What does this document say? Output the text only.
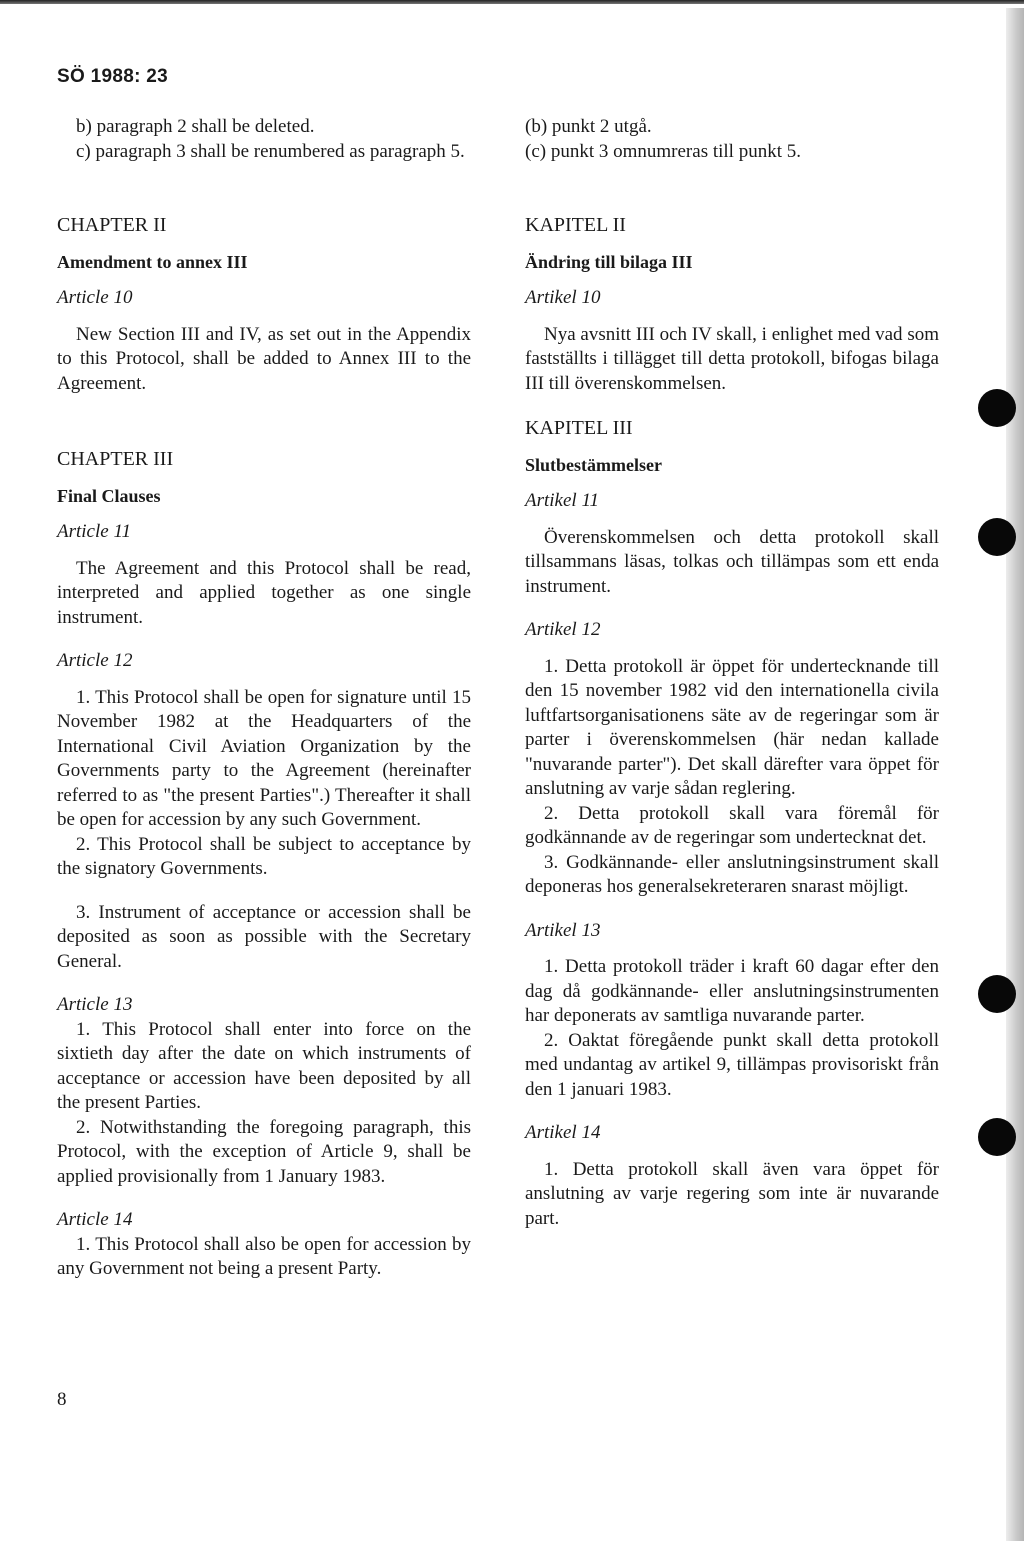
SÖ 1988: 23

b) paragraph 2 shall be deleted.

c) paragraph 3 shall be renumbered as paragraph 5.

CHAPTER II
Amendment to annex III

Article 10

New Section III and IV, as set out in the Appendix to this Protocol, shall be added to Annex III to the Agreement.

CHAPTER III
Final Clauses

Article 11

The Agreement and this Protocol shall be read, interpreted and applied together as one single instrument.

Article 12

1. This Protocol shall be open for signature until 15 November 1982 at the Headquarters of the International Civil Aviation Organization by the Governments party to the Agreement (hereinafter referred to as "the present Parties".) Thereafter it shall be open for accession by any such Government.

2. This Protocol shall be subject to acceptance by the signatory Governments.

3. Instrument of acceptance or accession shall be deposited as soon as possible with the Secretary General.

Article 13

1. This Protocol shall enter into force on the sixtieth day after the date on which instruments of acceptance or accession have been deposited by all the present Parties.

2. Notwithstanding the foregoing paragraph, this Protocol, with the exception of Article 9, shall be applied provisionally from 1 January 1983.

Article 14

1. This Protocol shall also be open for accession by any Government not being a present Party.

(b) punkt 2 utgå.

(c) punkt 3 omnumreras till punkt 5.

KAPITEL II
Ändring till bilaga III

Artikel 10

Nya avsnitt III och IV skall, i enlighet med vad som fastställts i tillägget till detta protokoll, bifogas bilaga III till överenskommelsen.

KAPITEL III
Slutbestämmelser

Artikel 11

Överenskommelsen och detta protokoll skall tillsammans läsas, tolkas och tillämpas som ett enda instrument.

Artikel 12

1. Detta protokoll är öppet för undertecknande till den 15 november 1982 vid den internationella civila luftfartsorganisationens säte av de regeringar som är parter i överenskommelsen (här nedan kallade "nuvarande parter"). Det skall därefter vara öppet för anslutning av varje sådan reglering.

2. Detta protokoll skall vara föremål för godkännande av de regeringar som undertecknat det.

3. Godkännande- eller anslutningsinstrument skall deponeras hos generalsekreteraren snarast möjligt.

Artikel 13

1. Detta protokoll träder i kraft 60 dagar efter den dag då godkännande- eller anslutningsinstrumenten har deponerats av samtliga nuvarande parter.

2. Oaktat föregående punkt skall detta protokoll med undantag av artikel 9, tillämpas provisoriskt från den 1 januari 1983.

Artikel 14

1. Detta protokoll skall även vara öppet för anslutning av varje regering som inte är nuvarande part.

8
